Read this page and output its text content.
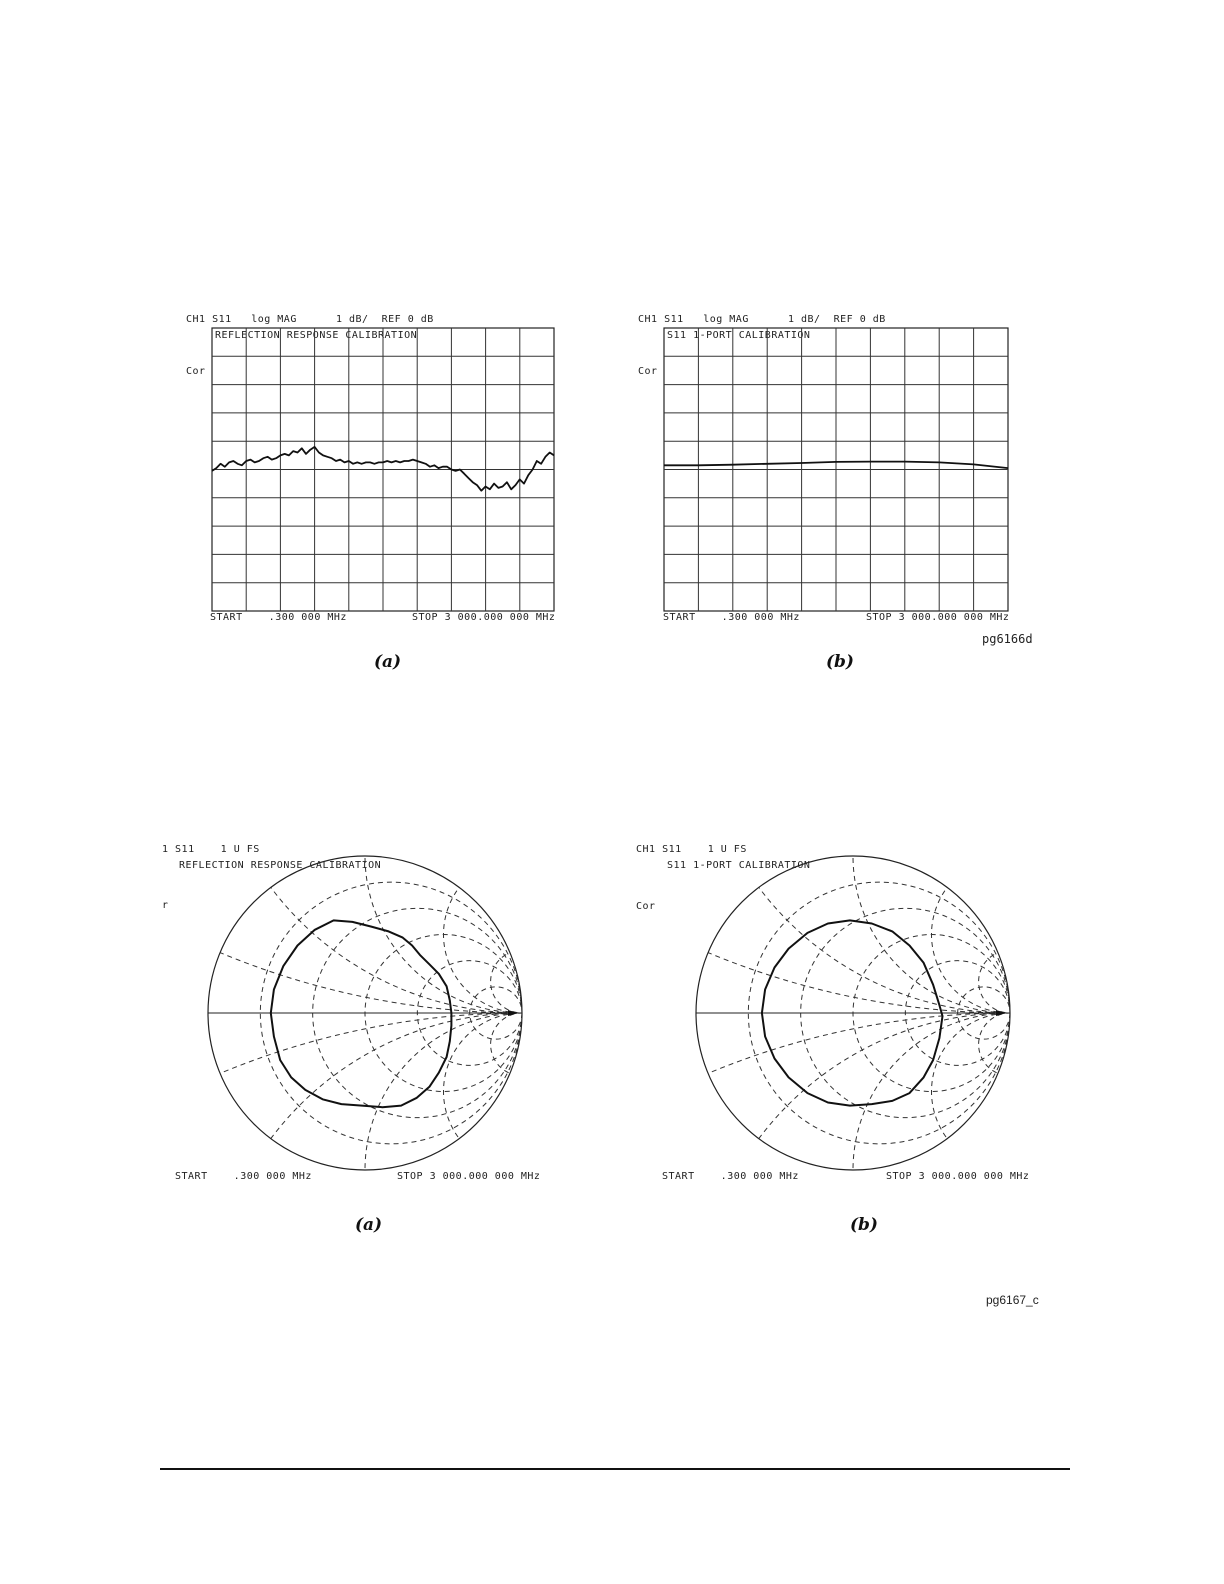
CH1 S11   log MAG      1 dB/  REF 0 dB
REFLECTION RESPONSE CALIBRATION
Cor
START    .300 000 MHz	STOP 3 000.000 000 MHz
(a)
CH1 S11   log MAG      1 dB/  REF 0 dB
S11 1-PORT CALIBRATION
Cor
START    .300 000 MHz	STOP 3 000.000 000 MHz
pg6166d
(b)
1 S11    1 U FS
REFLECTION RESPONSE CALIBRATION
r
START    .300 000 MHz	STOP 3 000.000 000 MHz
(a)
CH1 S11    1 U FS
S11 1-PORT CALIBRATION
Cor
START    .300 000 MHz	STOP 3 000.000 000 MHz
(b)
pg6167_c
